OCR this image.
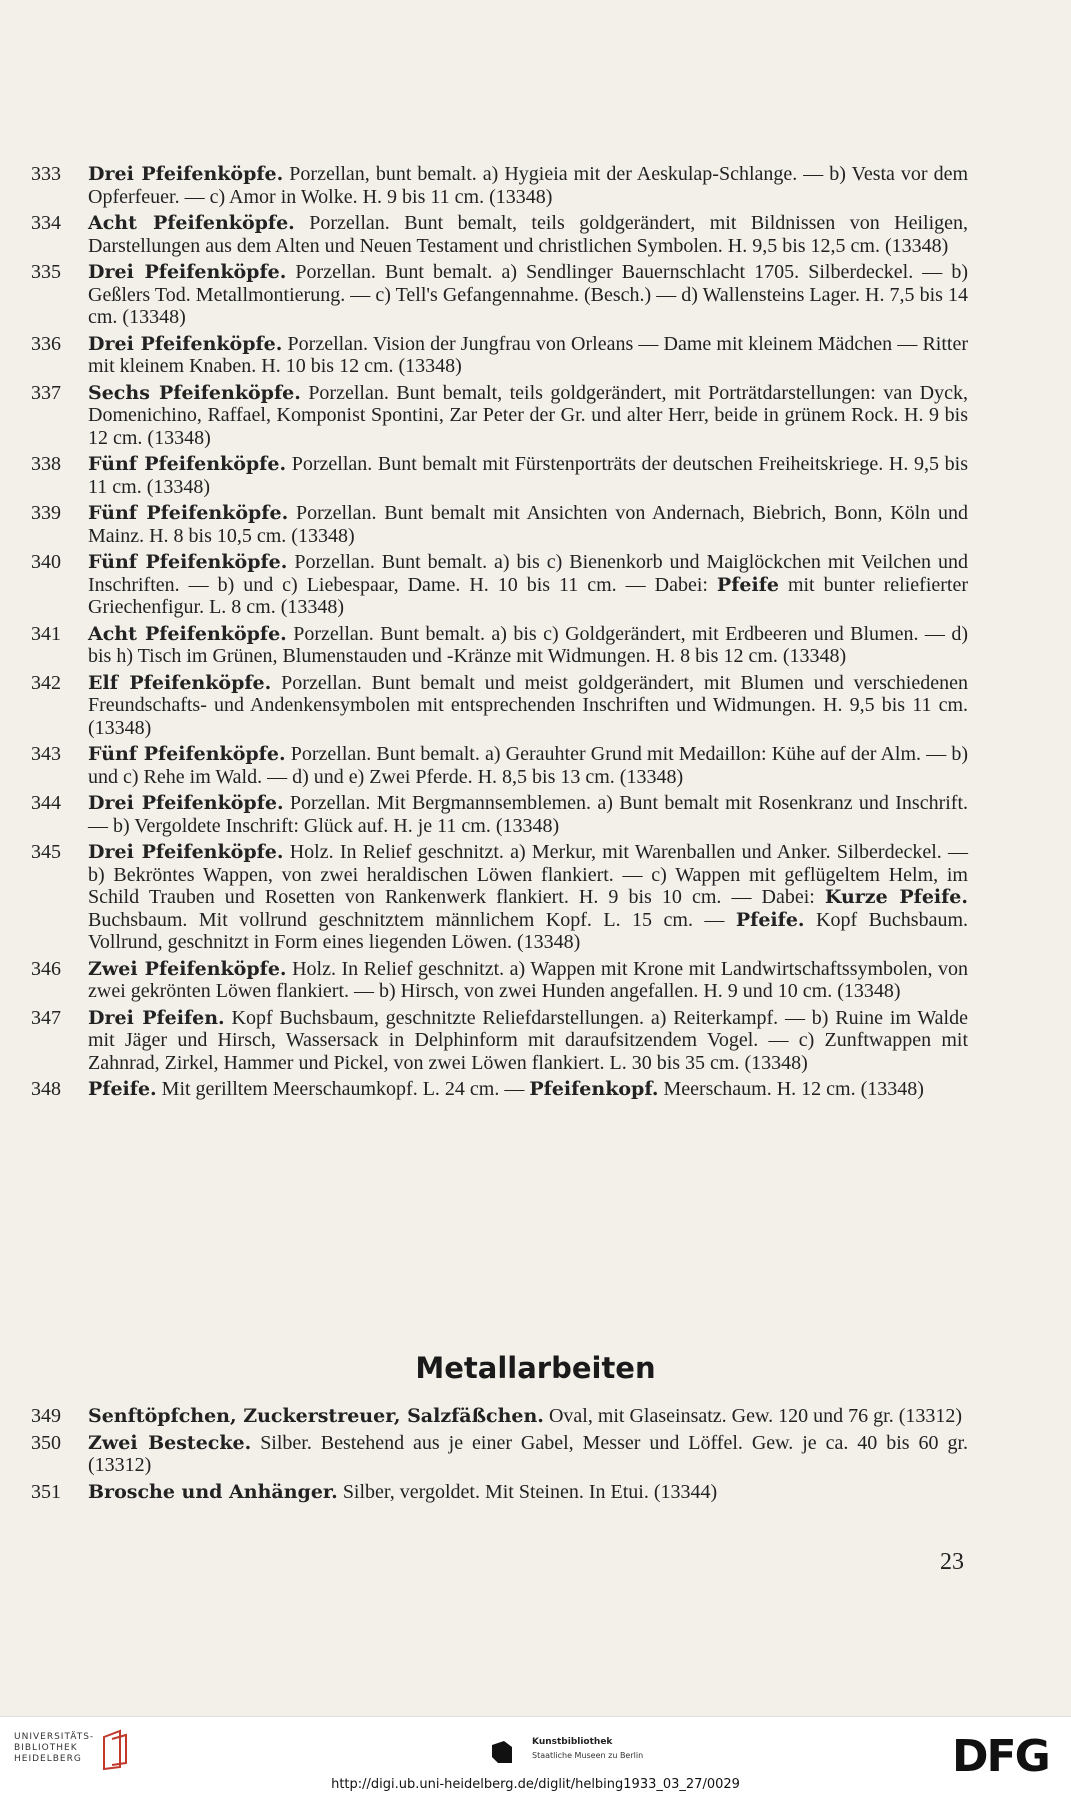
333	Drei Pfeifenköpfe. Porzellan, bunt bemalt. a) Hygieia mit der Aeskulap-Schlange. — b) Vesta vor dem Opferfeuer. — c) Amor in Wolke. H. 9 bis 11 cm. (13348)
334	Acht Pfeifenköpfe. Porzellan. Bunt bemalt, teils goldgerändert, mit Bildnissen von Heiligen, Darstellungen aus dem Alten und Neuen Testament und christlichen Symbolen. H. 9,5 bis 12,5 cm. (13348)
335	Drei Pfeifenköpfe. Porzellan. Bunt bemalt. a) Sendlinger Bauernschlacht 1705. Silberdeckel. — b) Geßlers Tod. Metallmontierung. — c) Tell's Gefangennahme. (Besch.) — d) Wallensteins Lager. H. 7,5 bis 14 cm. (13348)
336	Drei Pfeifenköpfe. Porzellan. Vision der Jungfrau von Orleans — Dame mit kleinem Mädchen — Ritter mit kleinem Knaben. H. 10 bis 12 cm. (13348)
337	Sechs Pfeifenköpfe. Porzellan. Bunt bemalt, teils goldgerändert, mit Porträtdarstellungen: van Dyck, Domenichino, Raffael, Komponist Spontini, Zar Peter der Gr. und alter Herr, beide in grünem Rock. H. 9 bis 12 cm. (13348)
338	Fünf Pfeifenköpfe. Porzellan. Bunt bemalt mit Fürstenporträts der deutschen Freiheitskriege. H. 9,5 bis 11 cm. (13348)
339	Fünf Pfeifenköpfe. Porzellan. Bunt bemalt mit Ansichten von Andernach, Biebrich, Bonn, Köln und Mainz. H. 8 bis 10,5 cm. (13348)
340	Fünf Pfeifenköpfe. Porzellan. Bunt bemalt. a) bis c) Bienenkorb und Maiglöckchen mit Veilchen und Inschriften. — b) und c) Liebespaar, Dame. H. 10 bis 11 cm. — Dabei: Pfeife mit bunter reliefierter Griechenfigur. L. 8 cm. (13348)
341	Acht Pfeifenköpfe. Porzellan. Bunt bemalt. a) bis c) Goldgerändert, mit Erdbeeren und Blumen. — d) bis h) Tisch im Grünen, Blumenstauden und -Kränze mit Widmungen. H. 8 bis 12 cm. (13348)
342	Elf Pfeifenköpfe. Porzellan. Bunt bemalt und meist goldgerändert, mit Blumen und verschiedenen Freundschafts- und Andenkensymbolen mit entsprechenden Inschriften und Widmungen. H. 9,5 bis 11 cm. (13348)
343	Fünf Pfeifenköpfe. Porzellan. Bunt bemalt. a) Gerauhter Grund mit Medaillon: Kühe auf der Alm. — b) und c) Rehe im Wald. — d) und e) Zwei Pferde. H. 8,5 bis 13 cm. (13348)
344	Drei Pfeifenköpfe. Porzellan. Mit Bergmannsemblemen. a) Bunt bemalt mit Rosenkranz und Inschrift. — b) Vergoldete Inschrift: Glück auf. H. je 11 cm. (13348)
345	Drei Pfeifenköpfe. Holz. In Relief geschnitzt. a) Merkur, mit Warenballen und Anker. Silberdeckel. — b) Bekröntes Wappen, von zwei heraldischen Löwen flankiert. — c) Wappen mit geflügeltem Helm, im Schild Trauben und Rosetten von Rankenwerk flankiert. H. 9 bis 10 cm. — Dabei: Kurze Pfeife. Buchsbaum. Mit vollrund geschnitztem männlichem Kopf. L. 15 cm. — Pfeife. Kopf Buchsbaum. Vollrund, geschnitzt in Form eines liegenden Löwen. (13348)
346	Zwei Pfeifenköpfe. Holz. In Relief geschnitzt. a) Wappen mit Krone mit Landwirtschaftssymbolen, von zwei gekrönten Löwen flankiert. — b) Hirsch, von zwei Hunden angefallen. H. 9 und 10 cm. (13348)
347	Drei Pfeifen. Kopf Buchsbaum, geschnitzte Reliefdarstellungen. a) Reiterkampf. — b) Ruine im Walde mit Jäger und Hirsch, Wassersack in Delphinform mit daraufsitzendem Vogel. — c) Zunftwappen mit Zahnrad, Zirkel, Hammer und Pickel, von zwei Löwen flankiert. L. 30 bis 35 cm. (13348)
348	Pfeife. Mit gerilltem Meerschaumkopf. L. 24 cm. — Pfeifenkopf. Meerschaum. H. 12 cm. (13348)
Metallarbeiten
349	Senftöpfchen, Zuckerstreuer, Salzfäßchen. Oval, mit Glaseinsatz. Gew. 120 und 76 gr. (13312)
350	Zwei Bestecke. Silber. Bestehend aus je einer Gabel, Messer und Löffel. Gew. je ca. 40 bis 60 gr. (13312)
351	Brosche und Anhänger. Silber, vergoldet. Mit Steinen. In Etui. (13344)
23
UNIVERSITÄTS-
BIBLIOTHEK
HEIDELBERG
Kunstbibliothek
Staatliche Museen zu Berlin	DFG
http://digi.ub.uni-heidelberg.de/diglit/helbing1933_03_27/0029
